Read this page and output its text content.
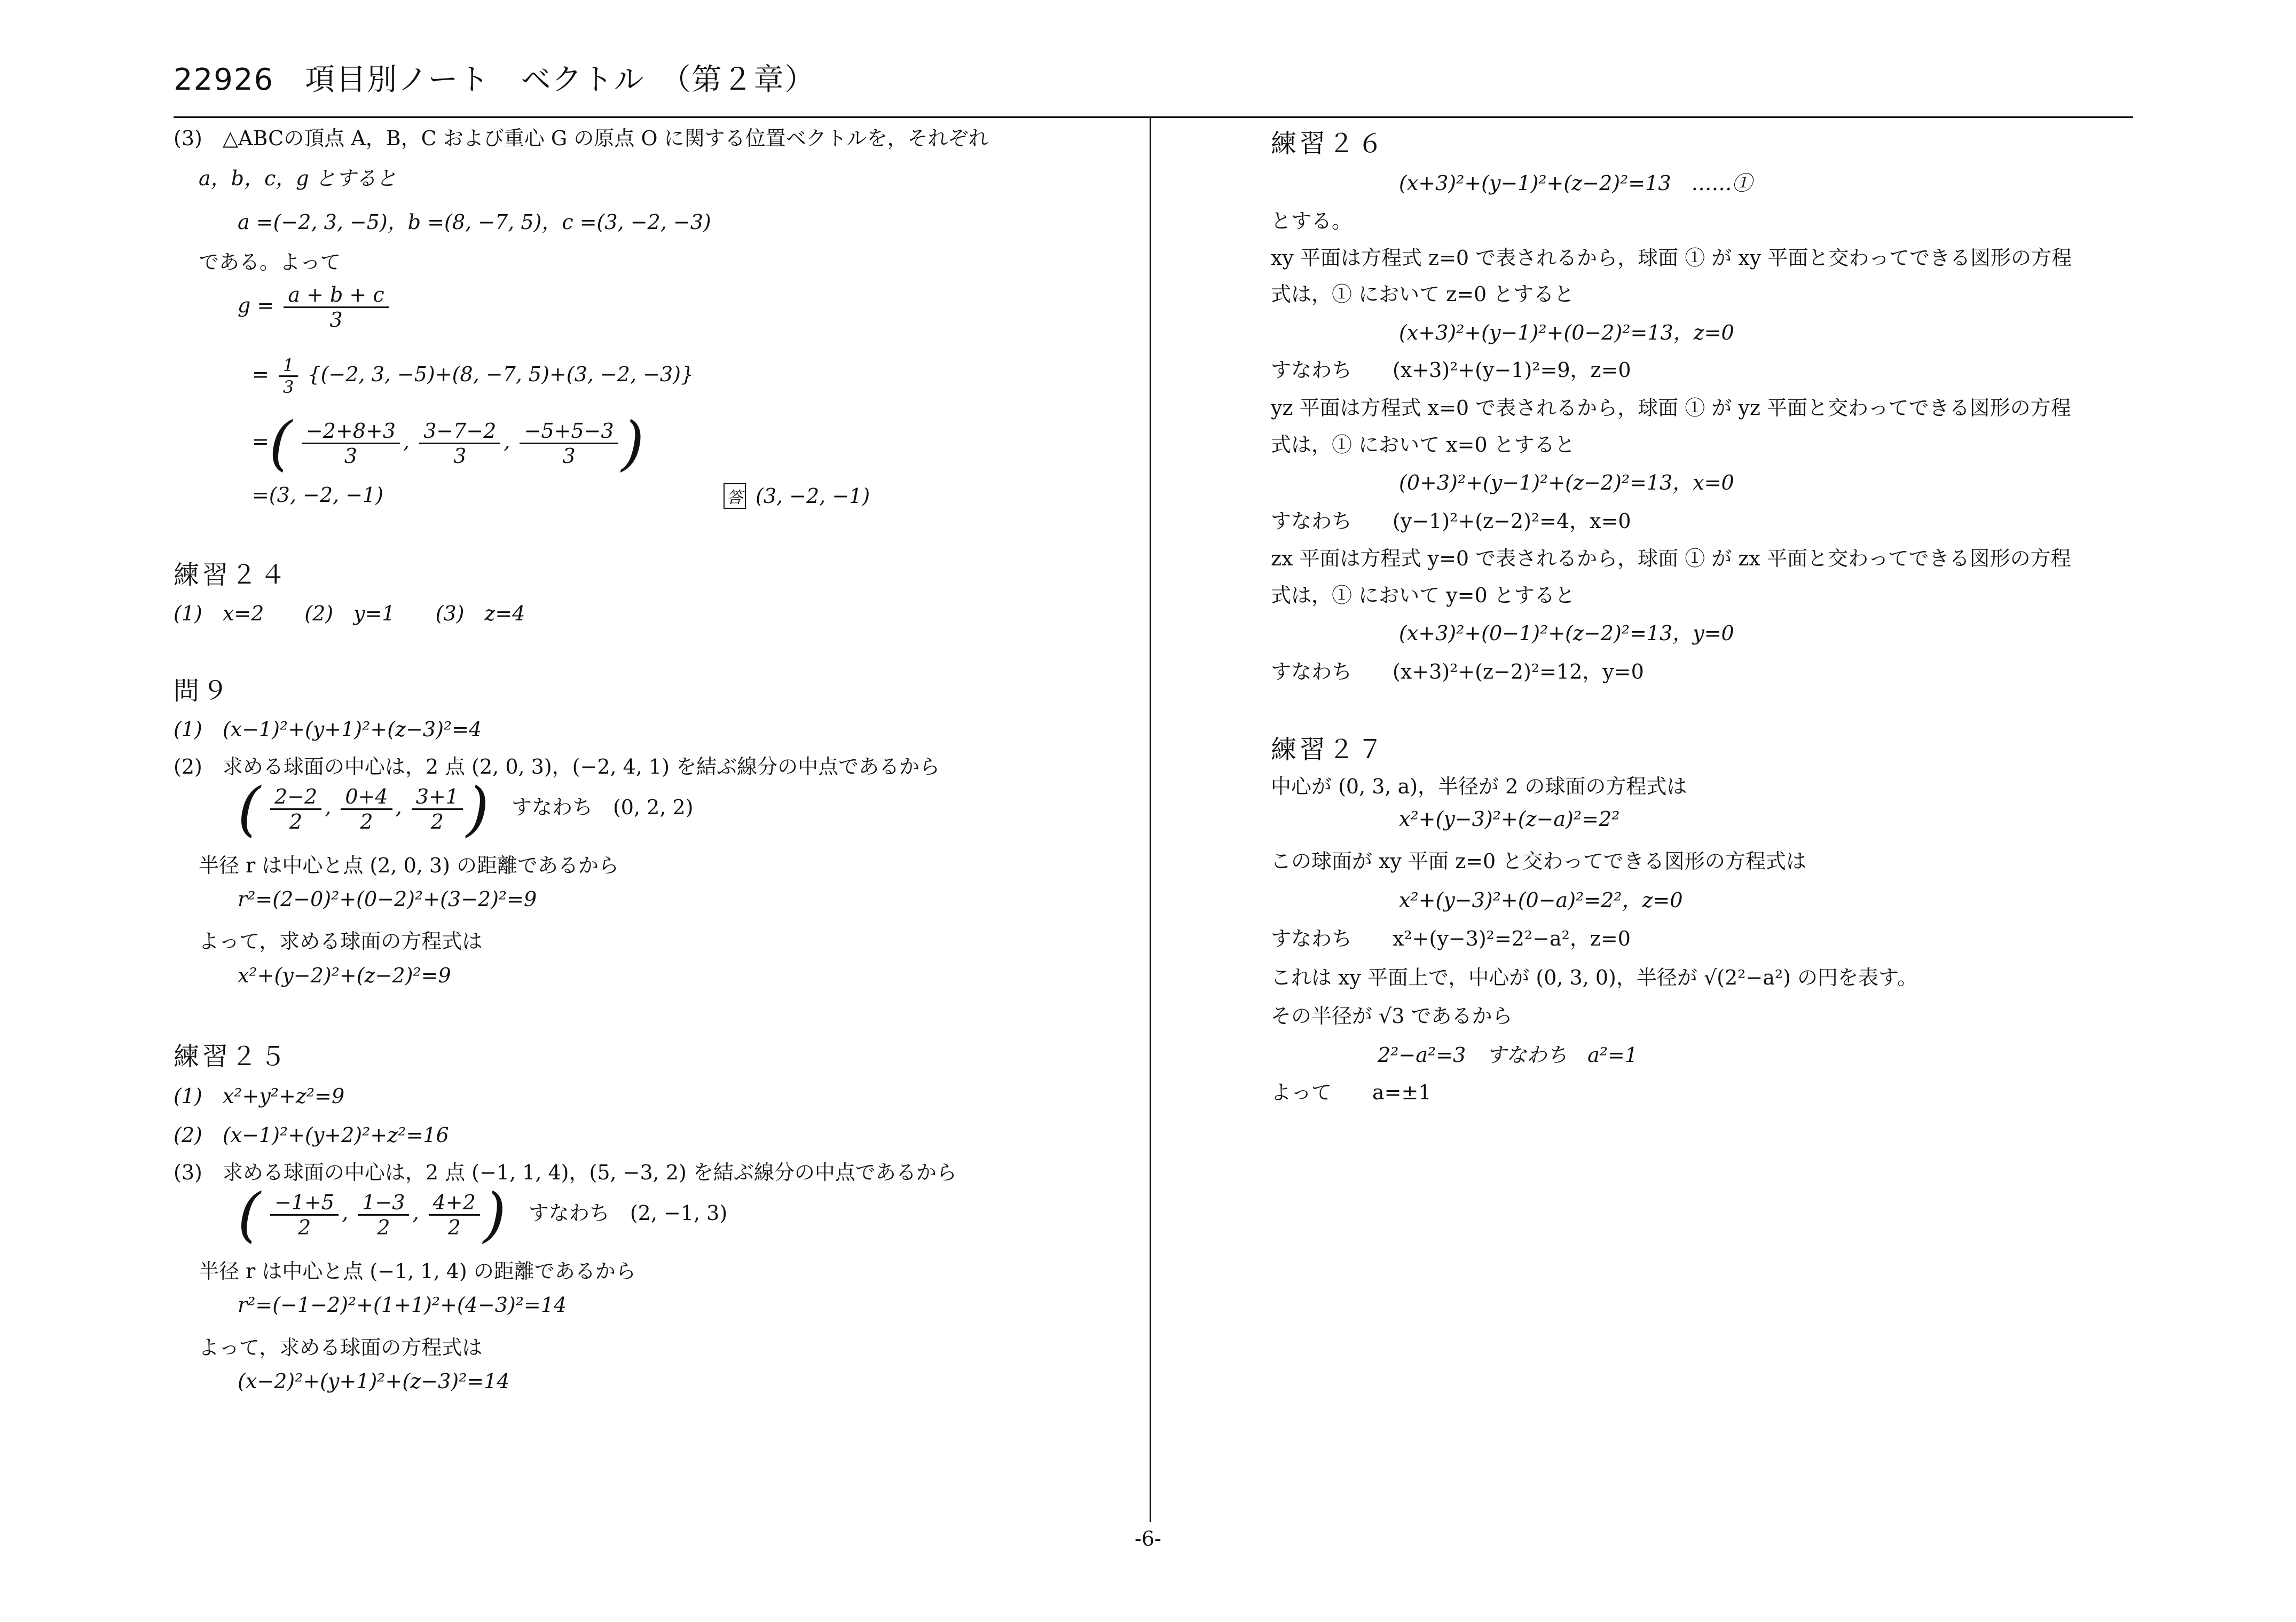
22926　項目別ノート　ベクトル　（第２章）
(3)　△ABCの頂点 A，B，C および重心 G の原点 O に関する位置ベクトルを，それぞれ
a，b，c，g とすると
a =(−2, 3, −5)，b =(8, −7, 5)，c =(3, −2, −3)
である。よって
$g = \frac{a + b + c}{3}$
= $\frac{1}{3} \{(-2$, 3, −5)+(8, −7, 5)+(3, −2, −3)}
=( $\frac{-2+8+3}{3}$ , $\frac{3-7-2}{3}$ , $\frac{-5+5-3}{3}$ )
=(3, −2, −1)	答 (3, −2, −1)
練習２４
(1)　x=2　　(2)　y=1　　(3)　z=4
問９
(1)　(x−1)²+(y+1)²+(z−3)²=4
(2)　求める球面の中心は，2 点 (2, 0, 3)，(−2, 4, 1) を結ぶ線分の中点であるから
( $\frac{2-2}{2}$ , $\frac{0+4}{2}$ , $\frac{3+1}{2}$ ) すなわち　(0, 2, 2)
半径 r は中心と点 (2, 0, 3) の距離であるから
r²=(2−0)²+(0−2)²+(3−2)²=9
よって，求める球面の方程式は
x²+(y−2)²+(z−2)²=9
練習２５
(1)　x²+y²+z²=9
(2)　(x−1)²+(y+2)²+z²=16
(3)　求める球面の中心は，2 点 (−1, 1, 4)，(5, −3, 2) を結ぶ線分の中点であるから
( $\frac{-1+5}{2}$ , $\frac{1-3}{2}$ , $\frac{4+2}{2}$ ) すなわち　(2, −1, 3)
半径 r は中心と点 (−1, 1, 4) の距離であるから
r²=(−1−2)²+(1+1)²+(4−3)²=14
よって，求める球面の方程式は
(x−2)²+(y+1)²+(z−3)²=14
練習２６
(x+3)²+(y−1)²+(z−2)²=13　……①
とする。
xy 平面は方程式 z=0 で表されるから，球面 ① が xy 平面と交わってできる図形の方程
式は，① において z=0 とすると
(x+3)²+(y−1)²+(0−2)²=13，z=0
すなわち　　(x+3)²+(y−1)²=9，z=0
yz 平面は方程式 x=0 で表されるから，球面 ① が yz 平面と交わってできる図形の方程
式は，① において x=0 とすると
(0+3)²+(y−1)²+(z−2)²=13，x=0
すなわち　　(y−1)²+(z−2)²=4，x=0
zx 平面は方程式 y=0 で表されるから，球面 ① が zx 平面と交わってできる図形の方程
式は，① において y=0 とすると
(x+3)²+(0−1)²+(z−2)²=13，y=0
すなわち　　(x+3)²+(z−2)²=12，y=0
練習２７
中心が (0, 3, a)，半径が 2 の球面の方程式は
x²+(y−3)²+(z−a)²=2²
この球面が xy 平面 z=0 と交わってできる図形の方程式は
x²+(y−3)²+(0−a)²=2²，z=0
すなわち　　x²+(y−3)²=2²−a²，z=0
これは xy 平面上で，中心が (0, 3, 0)，半径が √(2²−a²) の円を表す。
その半径が √3 であるから
2²−a²=3　すなわち　a²=1
よって　　a=±1
-6-
